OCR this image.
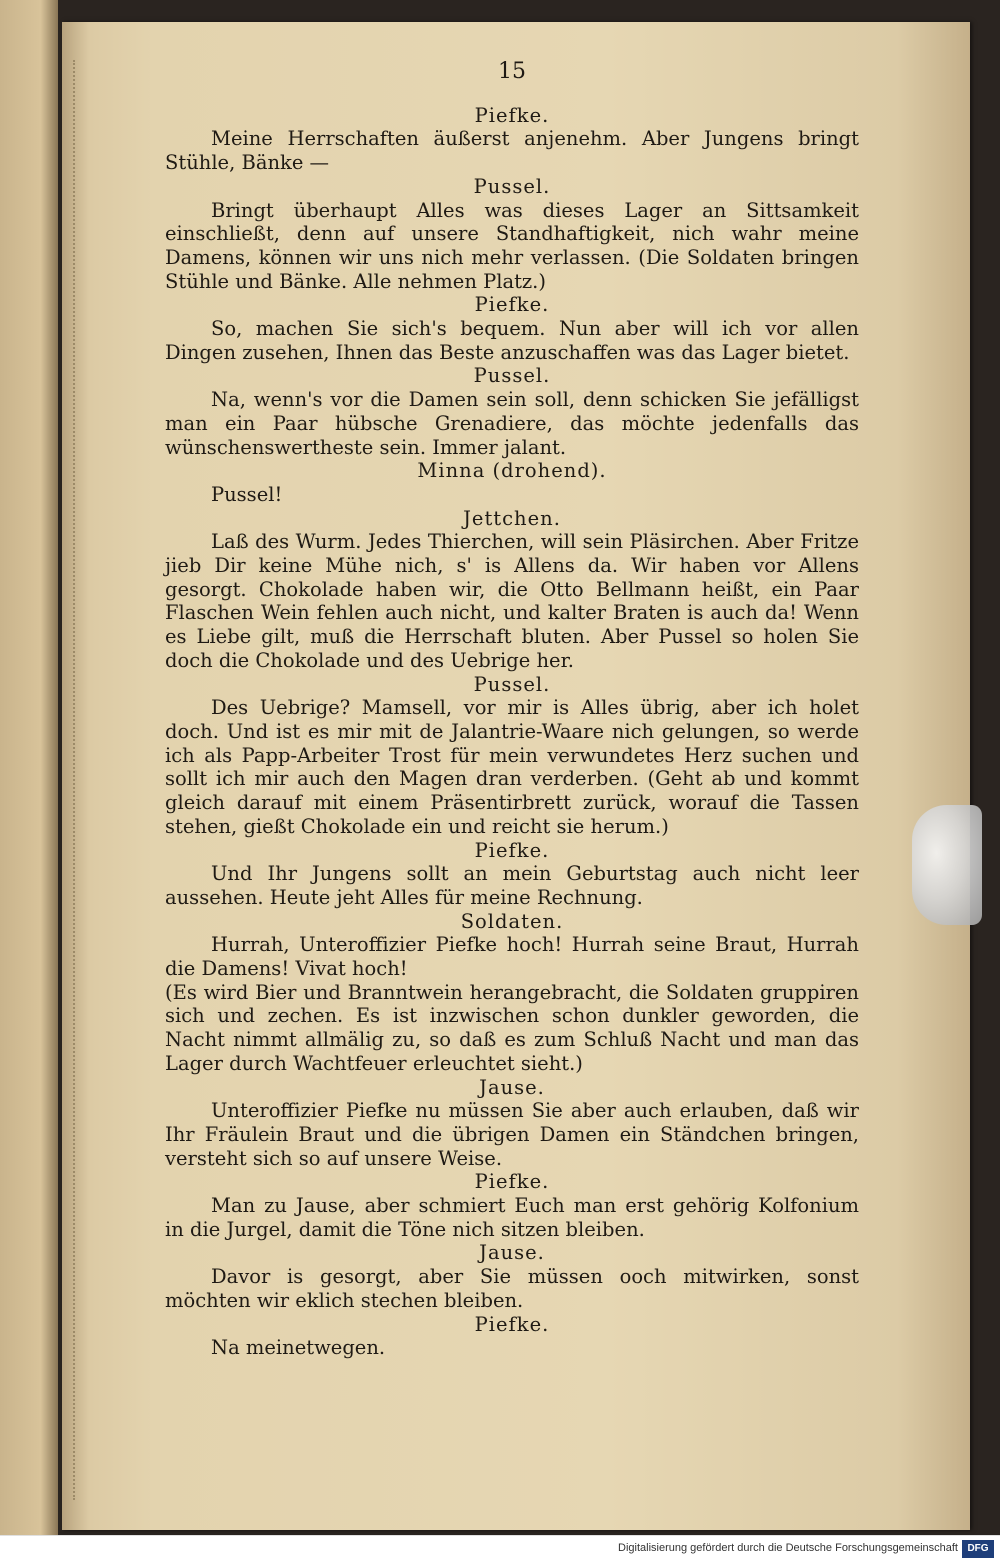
15
Piefke.
Meine Herrschaften äußerst anjenehm. Aber Jungens bringt Stühle, Bänke —
Pussel.
Bringt überhaupt Alles was dieses Lager an Sittsamkeit einschließt, denn auf unsere Standhaftigkeit, nich wahr meine Damens, können wir uns nich mehr verlassen. (Die Soldaten bringen Stühle und Bänke. Alle nehmen Platz.)
Piefke.
So, machen Sie sich's bequem. Nun aber will ich vor allen Dingen zusehen, Ihnen das Beste anzuschaffen was das Lager bietet.
Pussel.
Na, wenn's vor die Damen sein soll, denn schicken Sie jefälligst man ein Paar hübsche Grenadiere, das möchte jedenfalls das wünschenswertheste sein. Immer jalant.
Minna (drohend).
Pussel!
Jettchen.
Laß des Wurm. Jedes Thierchen, will sein Pläsirchen. Aber Fritze jieb Dir keine Mühe nich, s' is Allens da. Wir haben vor Allens gesorgt. Chokolade haben wir, die Otto Bellmann heißt, ein Paar Flaschen Wein fehlen auch nicht, und kalter Braten is auch da! Wenn es Liebe gilt, muß die Herrschaft bluten. Aber Pussel so holen Sie doch die Chokolade und des Uebrige her.
Pussel.
Des Uebrige? Mamsell, vor mir is Alles übrig, aber ich holet doch. Und ist es mir mit de Jalantrie-Waare nich gelungen, so werde ich als Papp-Arbeiter Trost für mein verwundetes Herz suchen und sollt ich mir auch den Magen dran verderben. (Geht ab und kommt gleich darauf mit einem Präsentirbrett zurück, worauf die Tassen stehen, gießt Chokolade ein und reicht sie herum.)
Piefke.
Und Ihr Jungens sollt an mein Geburtstag auch nicht leer aussehen. Heute jeht Alles für meine Rechnung.
Soldaten.
Hurrah, Unteroffizier Piefke hoch! Hurrah seine Braut, Hurrah die Damens! Vivat hoch!
(Es wird Bier und Branntwein herangebracht, die Soldaten gruppiren sich und zechen. Es ist inzwischen schon dunkler geworden, die Nacht nimmt allmälig zu, so daß es zum Schluß Nacht und man das Lager durch Wachtfeuer erleuchtet sieht.)
Jause.
Unteroffizier Piefke nu müssen Sie aber auch erlauben, daß wir Ihr Fräulein Braut und die übrigen Damen ein Ständchen bringen, versteht sich so auf unsere Weise.
Piefke.
Man zu Jause, aber schmiert Euch man erst gehörig Kolfonium in die Jurgel, damit die Töne nich sitzen bleiben.
Jause.
Davor is gesorgt, aber Sie müssen ooch mitwirken, sonst möchten wir eklich stechen bleiben.
Piefke.
Na meinetwegen.
Digitalisierung gefördert durch die Deutsche Forschungsgemeinschaft DFG
